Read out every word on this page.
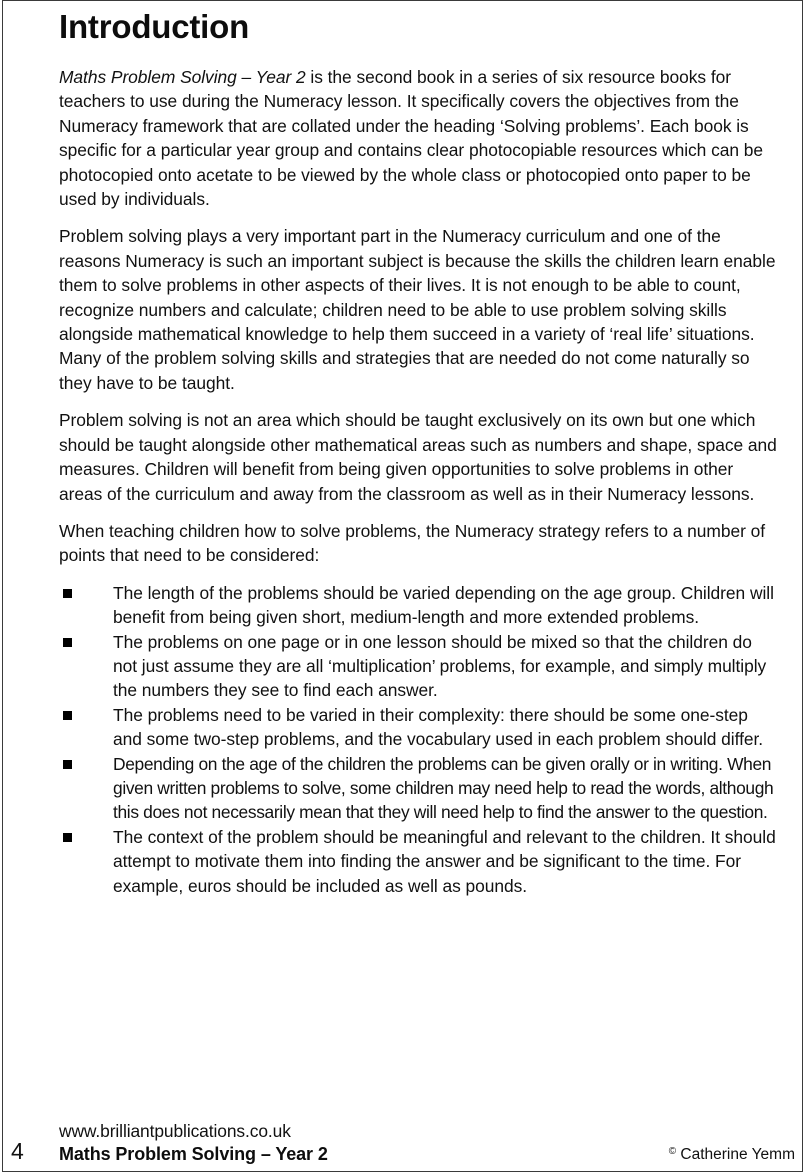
Introduction

Maths Problem Solving – Year 2 is the second book in a series of six resource books for teachers to use during the Numeracy lesson. It specifically covers the objectives from the Numeracy framework that are collated under the heading ‘Solving problems’. Each book is specific for a particular year group and contains clear photocopiable resources which can be photocopied onto acetate to be viewed by the whole class or photocopied onto paper to be used by individuals.

Problem solving plays a very important part in the Numeracy curriculum and one of the reasons Numeracy is such an important subject is because the skills the children learn enable them to solve problems in other aspects of their lives. It is not enough to be able to count, recognize numbers and calculate; children need to be able to use problem solving skills alongside mathematical knowledge to help them succeed in a variety of ‘real life’ situations. Many of the problem solving skills and strategies that are needed do not come naturally so they have to be taught.

Problem solving is not an area which should be taught exclusively on its own but one which should be taught alongside other mathematical areas such as numbers and shape, space and measures. Children will benefit from being given opportunities to solve problems in other areas of the curriculum and away from the classroom as well as in their Numeracy lessons.

When teaching children how to solve problems, the Numeracy strategy refers to a number of points that need to be considered:

The length of the problems should be varied depending on the age group. Children will benefit from being given short, medium-length and more extended problems.
The problems on one page or in one lesson should be mixed so that the children do not just assume they are all ‘multiplication’ problems, for example, and simply multiply the numbers they see to find each answer.
The problems need to be varied in their complexity: there should be some one-step and some two-step problems, and the vocabulary used in each problem should differ.
Depending on the age of the children the problems can be given orally or in writing. When given written problems to solve, some children may need help to read the words, although this does not necessarily mean that they will need help to find the answer to the question.
The context of the problem should be meaningful and relevant to the children. It should attempt to motivate them into finding the answer and be significant to the time. For example, euros should be included as well as pounds.
4
www.brilliantpublications.co.uk
Maths Problem Solving – Year 2	© Catherine Yemm
